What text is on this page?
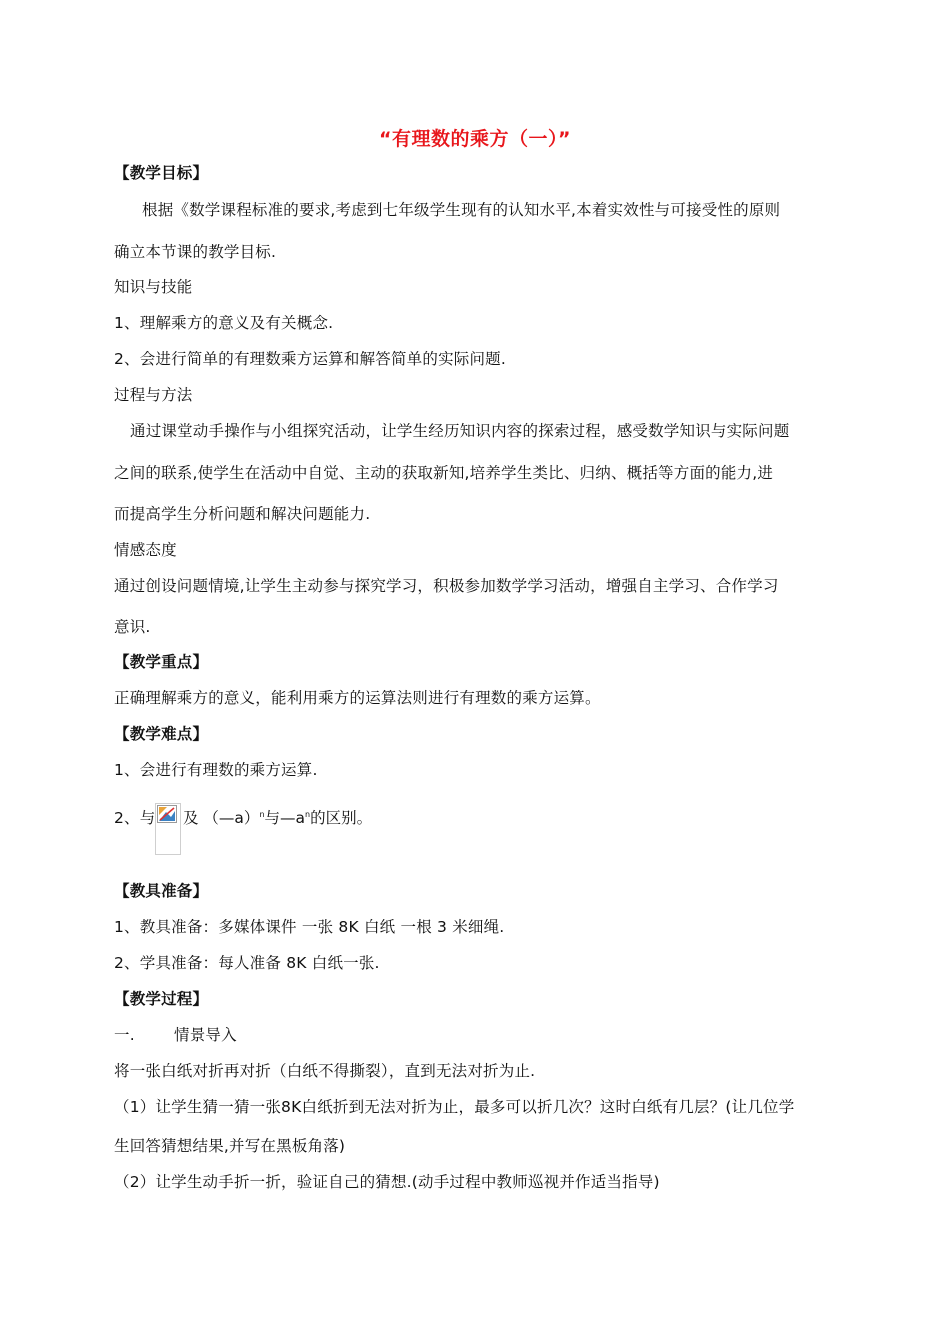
“有理数的乘方（一）”
【教学目标】
根据《数学课程标准的要求,考虑到七年级学生现有的认知水平,本着实效性与可接受性的原则
确立本节课的教学目标.
知识与技能
1、理解乘方的意义及有关概念.
2、会进行简单的有理数乘方运算和解答简单的实际问题.
过程与方法
通过课堂动手操作与小组探究活动，让学生经历知识内容的探索过程，感受数学知识与实际问题
之间的联系,使学生在活动中自觉、主动的获取新知,培养学生类比、归纳、概括等方面的能力,进
而提高学生分析问题和解决问题能力.
情感态度
通过创设问题情境,让学生主动参与探究学习，积极参加数学学习活动，增强自主学习、合作学习
意识.
【教学重点】
正确理解乘方的意义，能利用乘方的运算法则进行有理数的乘方运算。
【教学难点】
1、会进行有理数的乘方运算.
2、与 及 （—a）$^n$与$—a^n$的区别。
【教具准备】
1、教具准备：多媒体课件 一张 8K 白纸 一根 3 米细绳.
2、学具准备：每人准备 8K 白纸一张.
【教学过程】
一.	情景导入
将一张白纸对折再对折（白纸不得撕裂），直到无法对折为止.
（1）让学生猜一猜一张8K白纸折到无法对折为止，最多可以折几次？这时白纸有几层？(让几位学
生回答猜想结果,并写在黑板角落)
（2）让学生动手折一折，验证自己的猜想.(动手过程中教师巡视并作适当指导)
